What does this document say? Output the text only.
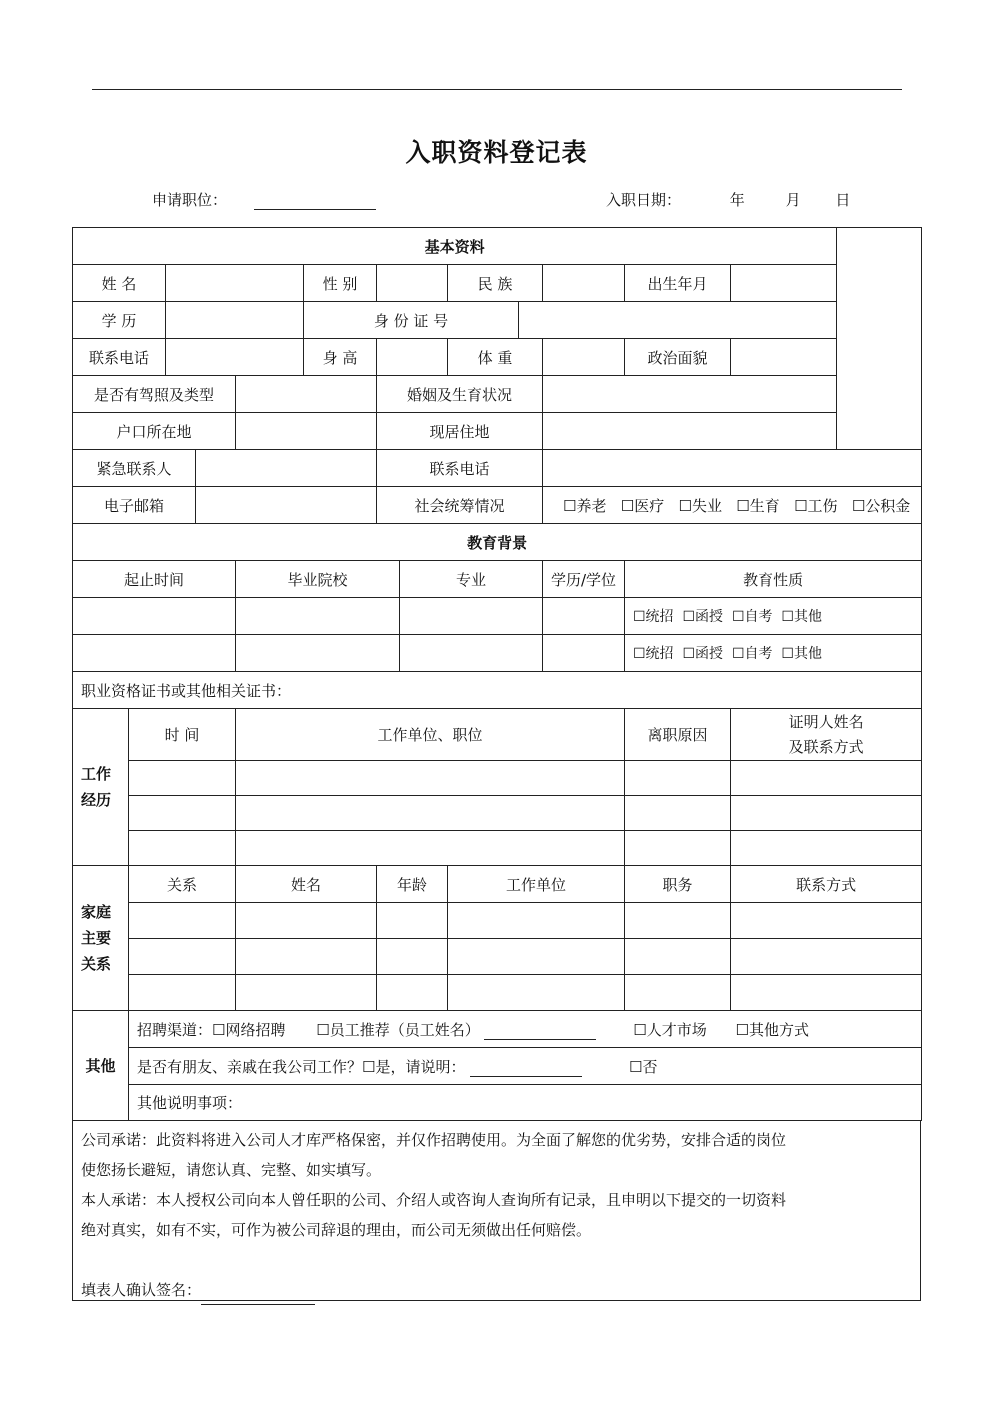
入职资料登记表
申请职位：	入职日期：	年	月 日
基本资料													
姓 名					性 别			民 族			出生年月		
学 历					身 份 证 号								
联系电话					身 高			体 重			政治面貌		
是否有驾照及类型						婚姻及生育状况							
户口所在地						现居住地							
紧急联系人						联系电话							
电子邮箱						社会统筹情况				☐养老 ☐医疗 ☐失业 ☐生育 ☐工伤 ☐公积金			
教育背景													
起止时间				毕业院校			专业			学历/学位	教育性质		
											☐统招 ☐函授 ☐自考 ☐其他		
											☐统招 ☐函授 ☐自考 ☐其他		
职业资格证书或其他相关证书：													

工作经历	时 间			工作单位、职位							离职原因	证明人姓名
及联系方式	

家庭主要关系	关系			姓名		年龄		工作单位			职务	联系方式	

其他	招聘渠道：☐网络招聘 ☐员工推荐（员工姓名） ☐人才市场 ☐其他方式												
	是否有朋友、亲戚在我公司工作？☐是，请说明： ☐否												
	其他说明事项：												
公司承诺：此资料将进入公司人才库严格保密，并仅作招聘使用。为全面了解您的优劣势，安排合适的岗位
使您扬长避短，请您认真、完整、如实填写。
本人承诺：本人授权公司向本人曾任职的公司、介绍人或咨询人查询所有记录，且申明以下提交的一切资料
绝对真实，如有不实，可作为被公司辞退的理由，而公司无须做出任何赔偿。
填表人确认签名：
